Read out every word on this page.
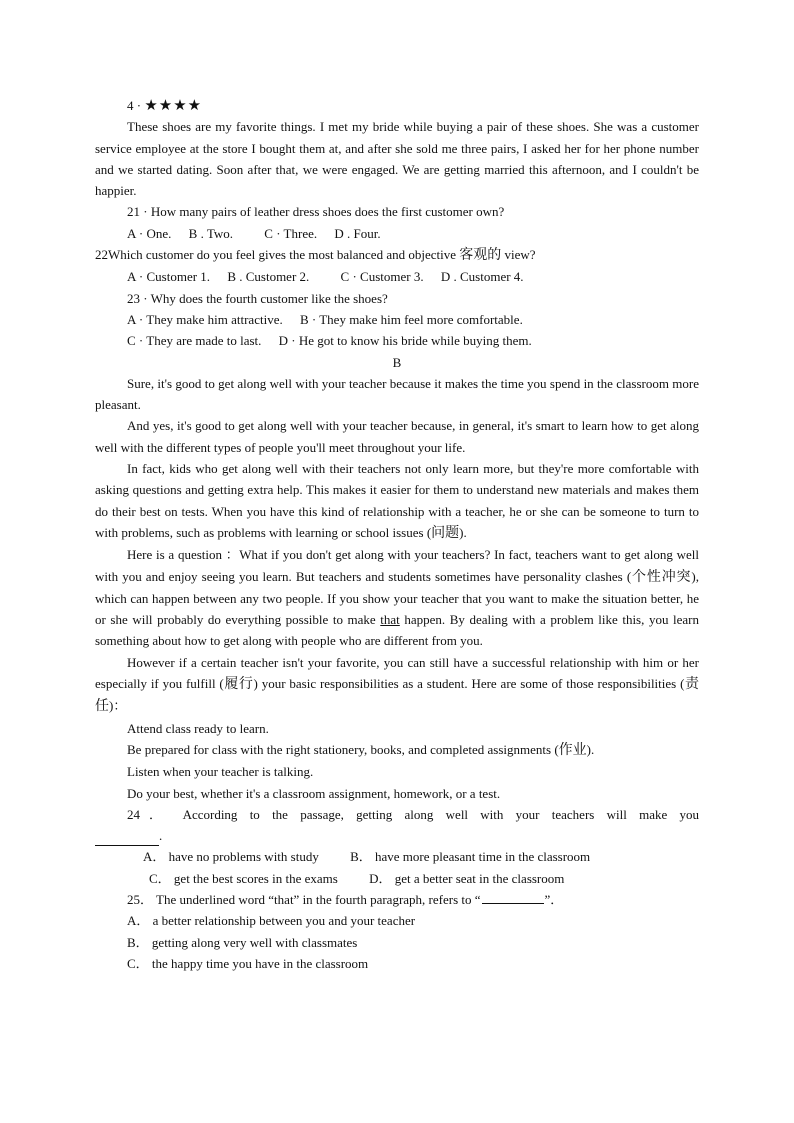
4 · ★★★★

These shoes are my favorite things. I met my bride while buying a pair of these shoes. She was a customer service employee at the store I bought them at, and after she sold me three pairs, I asked her for her phone number and we started dating. Soon after that, we were engaged. We are getting married this afternoon, and I couldn't be happier.

21 · How many pairs of leather dress shoes does the first customer own?

A · One. B . Two. C · Three. D . Four.

22Which customer do you feel gives the most balanced and objective 客观的 view?

A · Customer 1. B . Customer 2. C · Customer 3. D . Customer 4.

23 · Why does the fourth customer like the shoes?

A · They make him attractive. B · They make him feel more comfortable.

C · They are made to last. D · He got to know his bride while buying them.

B

Sure, it's good to get along well with your teacher because it makes the time you spend in the classroom more pleasant.

And yes, it's good to get along well with your teacher because, in general, it's smart to learn how to get along well with the different types of people you'll meet throughout your life.

In fact, kids who get along well with their teachers not only learn more, but they're more comfortable with asking questions and getting extra help. This makes it easier for them to understand new materials and makes them do their best on tests. When you have this kind of relationship with a teacher, he or she can be someone to turn to with problems, such as problems with learning or school issues (问题).

Here is a question ：What if you don't get along with your teachers? In fact, teachers want to get along well with you and enjoy seeing you learn. But teachers and students sometimes have personality clashes (个性冲突), which can happen between any two people. If you show your teacher that you want to make the situation better, he or she will probably do everything possible to make that happen. By dealing with a problem like this, you learn something about how to get along with people who are different from you.

However if a certain teacher isn't your favorite, you can still have a successful relationship with him or her especially if you fulfill (履行) your basic responsibilities as a student. Here are some of those responsibilities (责任)：

Attend class ready to learn.

Be prepared for class with the right stationery, books, and completed assignments (作业).

Listen when your teacher is talking.

Do your best, whether it's a classroom assignment, homework, or a test.

24． According to the passage, getting along well with your teachers will make you

.

A． have no problems with study B． have more pleasant time in the classroom

C． get the best scores in the exams D． get a better seat in the classroom

25． The underlined word “that” in the fourth paragraph, refers to “	”．

A． a better relationship between you and your teacher

B． getting along very well with classmates

C． the happy time you have in the classroom
